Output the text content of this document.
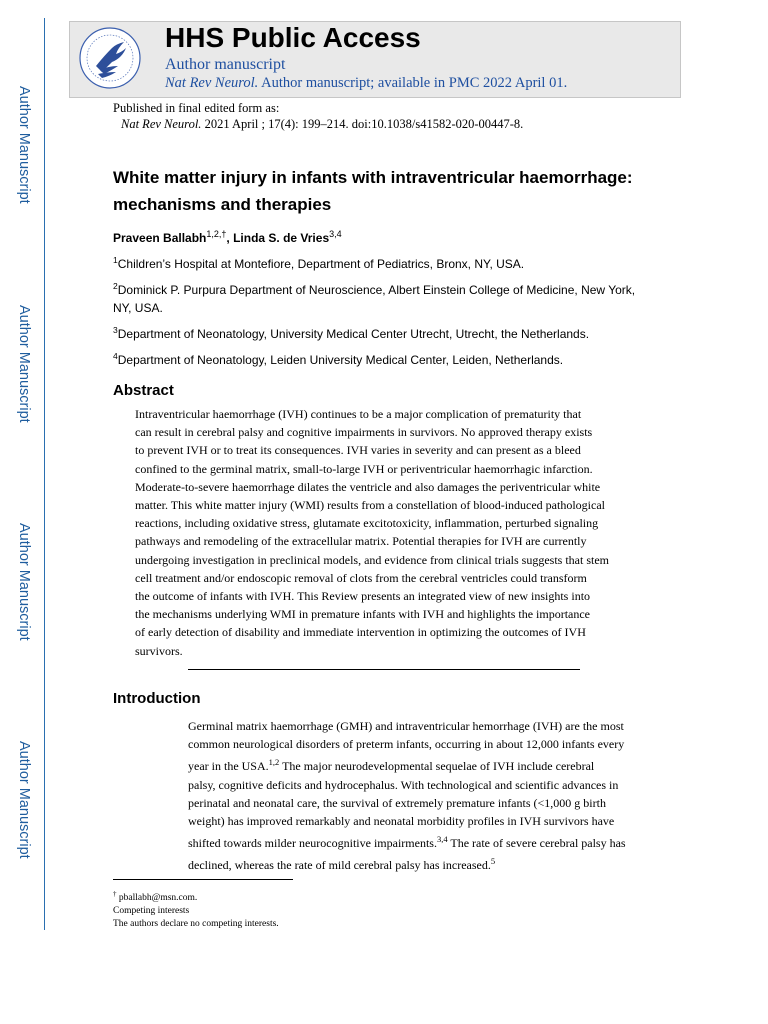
Author Manuscript
Author Manuscript
Author Manuscript
Author Manuscript
HHS Public Access
Author manuscript
Nat Rev Neurol. Author manuscript; available in PMC 2022 April 01.
Published in final edited form as:
Nat Rev Neurol. 2021 April ; 17(4): 199–214. doi:10.1038/s41582-020-00447-8.
White matter injury in infants with intraventricular haemorrhage: mechanisms and therapies
Praveen Ballabh$^{1,2,\dagger}$, Linda S. de Vries$^{3,4}$
$^1$Children’s Hospital at Montefiore, Department of Pediatrics, Bronx, NY, USA.
$^2$Dominick P. Purpura Department of Neuroscience, Albert Einstein College of Medicine, New York, NY, USA.
$^3$Department of Neonatology, University Medical Center Utrecht, Utrecht, the Netherlands.
$^4$Department of Neonatology, Leiden University Medical Center, Leiden, Netherlands.
Abstract
Intraventricular haemorrhage (IVH) continues to be a major complication of prematurity that
can result in cerebral palsy and cognitive impairments in survivors. No approved therapy exists
to prevent IVH or to treat its consequences. IVH varies in severity and can present as a bleed
confined to the germinal matrix, small-to-large IVH or periventricular haemorrhagic infarction.
Moderate-to-severe haemorrhage dilates the ventricle and also damages the periventricular white
matter. This white matter injury (WMI) results from a constellation of blood-induced pathological
reactions, including oxidative stress, glutamate excitotoxicity, inflammation, perturbed signaling
pathways and remodeling of the extracellular matrix. Potential therapies for IVH are currently
undergoing investigation in preclinical models, and evidence from clinical trials suggests that stem
cell treatment and/or endoscopic removal of clots from the cerebral ventricles could transform
the outcome of infants with IVH. This Review presents an integrated view of new insights into
the mechanisms underlying WMI in premature infants with IVH and highlights the importance
of early detection of disability and immediate intervention in optimizing the outcomes of IVH
survivors.
Introduction
Germinal matrix haemorrhage (GMH) and intraventricular hemorrhage (IVH) are the most
common neurological disorders of preterm infants, occurring in about 12,000 infants every
year in the USA.$^{1,2}$ The major neurodevelopmental sequelae of IVH include cerebral
palsy, cognitive deficits and hydrocephalus. With technological and scientific advances in
perinatal and neonatal care, the survival of extremely premature infants (<1,000 g birth
weight) has improved remarkably and neonatal morbidity profiles in IVH survivors have
shifted towards milder neurocognitive impairments.$^{3,4}$ The rate of severe cerebral palsy has
declined, whereas the rate of mild cerebral palsy has increased.$^5$
† pballabh@msn.com.
Competing interests
The authors declare no competing interests.
